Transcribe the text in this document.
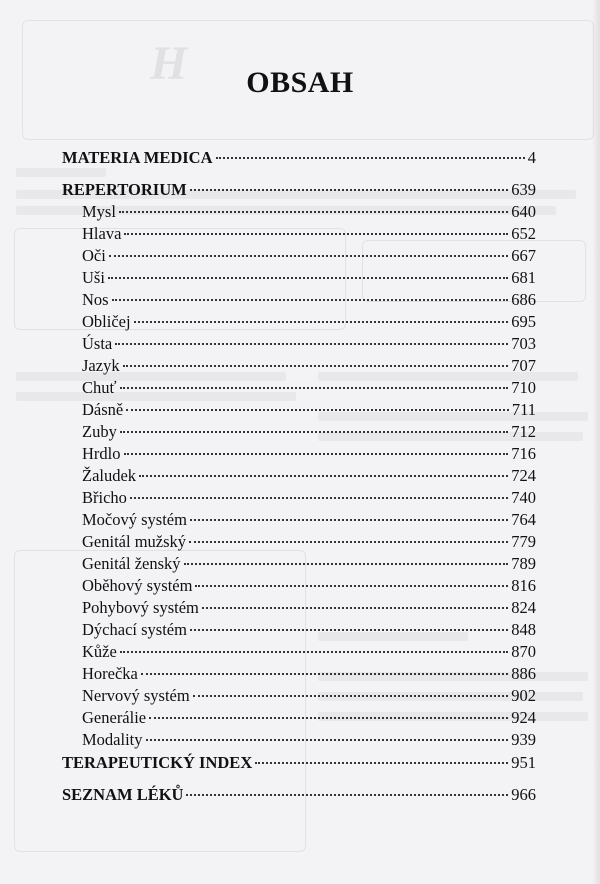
H	OBSAH
MATERIA MEDICA	4
REPERTORIUM	639
Mysl	640
Hlava	652
Oči	667
Uši	681
Nos	686
Obličej	695
Ústa	703
Jazyk	707
Chuť	710
Dásně	711
Zuby	712
Hrdlo	716
Žaludek	724
Břicho	740
Močový systém	764
Genitál mužský	779
Genitál ženský	789
Oběhový systém	816
Pohybový systém	824
Dýchací systém	848
Kůže	870
Horečka	886
Nervový systém	902
Generálie	924
Modality	939
TERAPEUTICKÝ INDEX	951
SEZNAM LÉKŮ	966
